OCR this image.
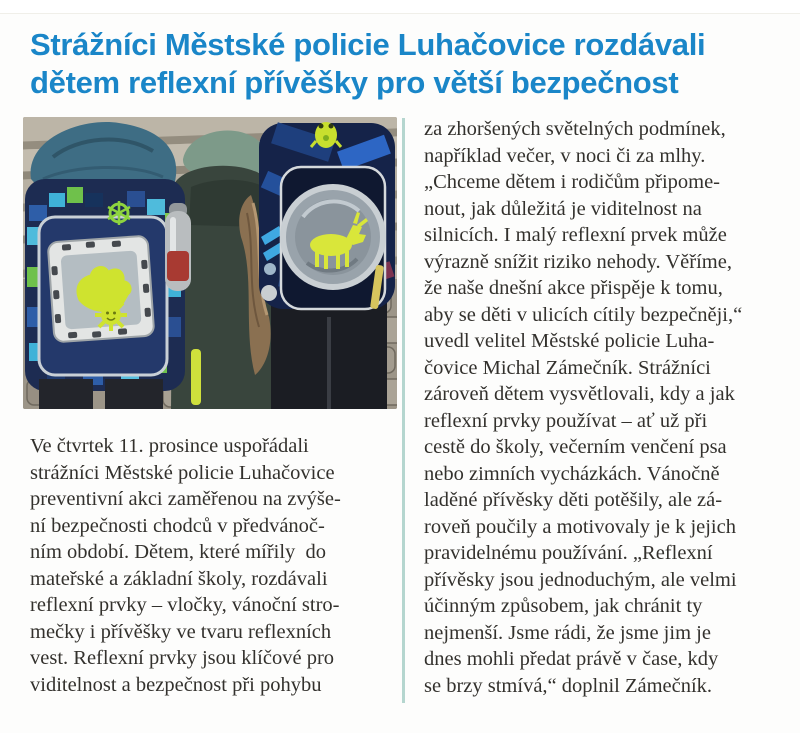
Strážníci Městské policie Luhačovice rozdávali
dětem reflexní přívěšky pro větší bezpečnost
Ve čtvrtek 11. prosince uspořádali
strážníci Městské policie Luhačovice
preventivní akci zaměřenou na zvýše-
ní bezpečnosti chodců v předvánoč-
ním období. Dětem, které mířily  do
mateřské a základní školy, rozdávali
reflexní prvky – vločky, vánoční stro-
mečky i přívěšky ve tvaru reflexních
vest. Reflexní prvky jsou klíčové pro
viditelnost a bezpečnost při pohybu
za zhoršených světelných podmínek,
například večer, v noci či za mlhy.
„Chceme dětem i rodičům připome-
nout, jak důležitá je viditelnost na
silnicích. I malý reflexní prvek může
výrazně snížit riziko nehody. Věříme,
že naše dnešní akce přispěje k tomu,
aby se děti v ulicích cítily bezpečněji,“
uvedl velitel Městské policie Luha-
čovice Michal Zámečník. Strážníci
zároveň dětem vysvětlovali, kdy a jak
reflexní prvky používat – ať už při
cestě do školy, večerním venčení psa
nebo zimních vycházkách. Vánočně
laděné přívěsky děti potěšily, ale zá-
roveň poučily a motivovaly je k jejich
pravidelnému používání. „Reflexní
přívěsky jsou jednoduchým, ale velmi
účinným způsobem, jak chránit ty
nejmenší. Jsme rádi, že jsme jim je
dnes mohli předat právě v čase, kdy
se brzy stmívá,“ doplnil Zámečník.
